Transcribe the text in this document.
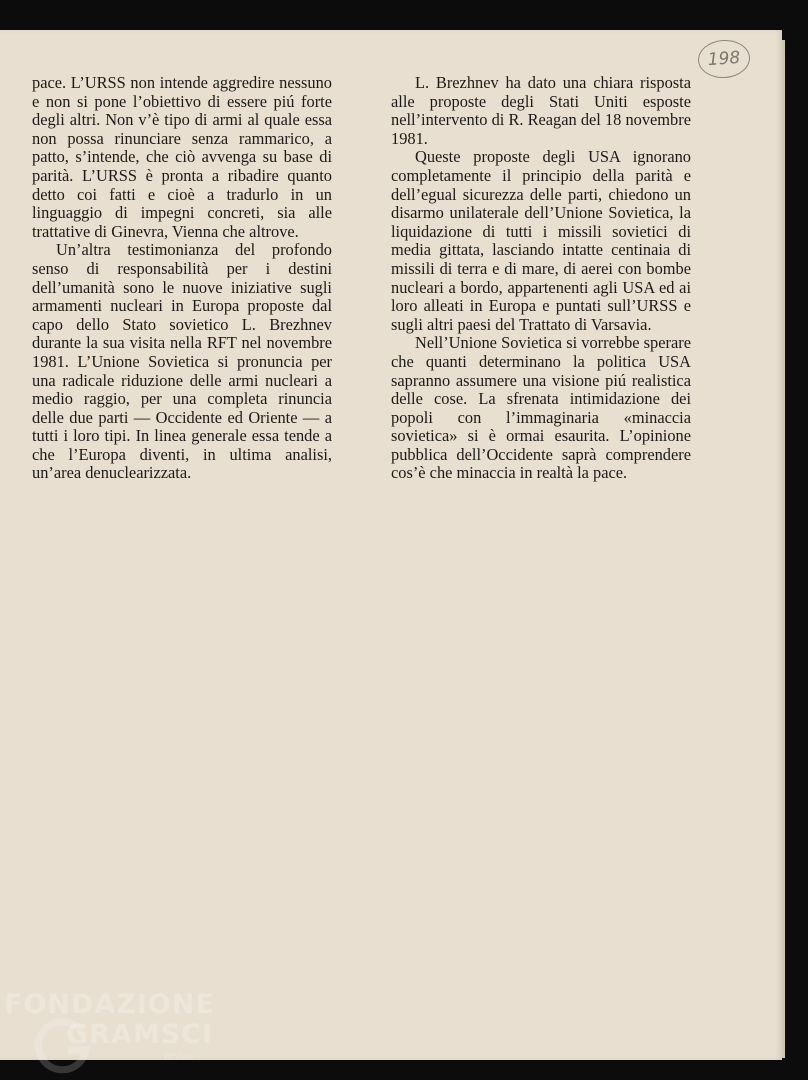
198

pace. L’URSS non intende aggredire nessuno e non si pone l’obiettivo di essere piú forte degli altri. Non v’è tipo di armi al quale essa non possa rinunciare senza rammarico, a patto, s’intende, che ciò avvenga su base di parità. L’URSS è pronta a ribadire quanto detto coi fatti e cioè a tradurlo in un linguaggio di impegni concreti, sia alle trattative di Ginevra, Vienna che altrove.

Un’altra testimonianza del profondo senso di responsabilità per i destini dell’umanità sono le nuove iniziative sugli armamenti nucleari in Europa proposte dal capo dello Stato sovietico L. Brezhnev durante la sua visita nella RFT nel novembre 1981. L’Unione Sovietica si pronuncia per una radicale riduzione delle armi nucleari a medio raggio, per una completa rinuncia delle due parti — Occidente ed Oriente — a tutti i loro tipi. In linea generale essa tende a che l’Europa diventi, in ultima analisi, un’area denuclearizzata.

L. Brezhnev ha dato una chiara risposta alle proposte degli Stati Uniti esposte nell’intervento di R. Reagan del 18 novembre 1981.

Queste proposte degli USA ignorano completamente il principio della parità e dell’egual sicurezza delle parti, chiedono un disarmo unilaterale dell’Unione Sovietica, la liquidazione di tutti i missili sovietici di media gittata, lasciando intatte centinaia di missili di terra e di mare, di aerei con bombe nucleari a bordo, appartenenti agli USA ed ai loro alleati in Europa e puntati sull’URSS e sugli altri paesi del Trattato di Varsavia.

Nell’Unione Sovietica si vorrebbe sperare che quanti determinano la politica USA sapranno assumere una visione piú realistica delle cose. La sfrenata intimidazione dei popoli con l’immaginaria «minaccia sovietica» si è ormai esaurita. L’opinione pubblica dell’Occidente saprà comprendere cos’è che minaccia in realtà la pace.

FONDAZIONE
GRAMSCI
onlus
